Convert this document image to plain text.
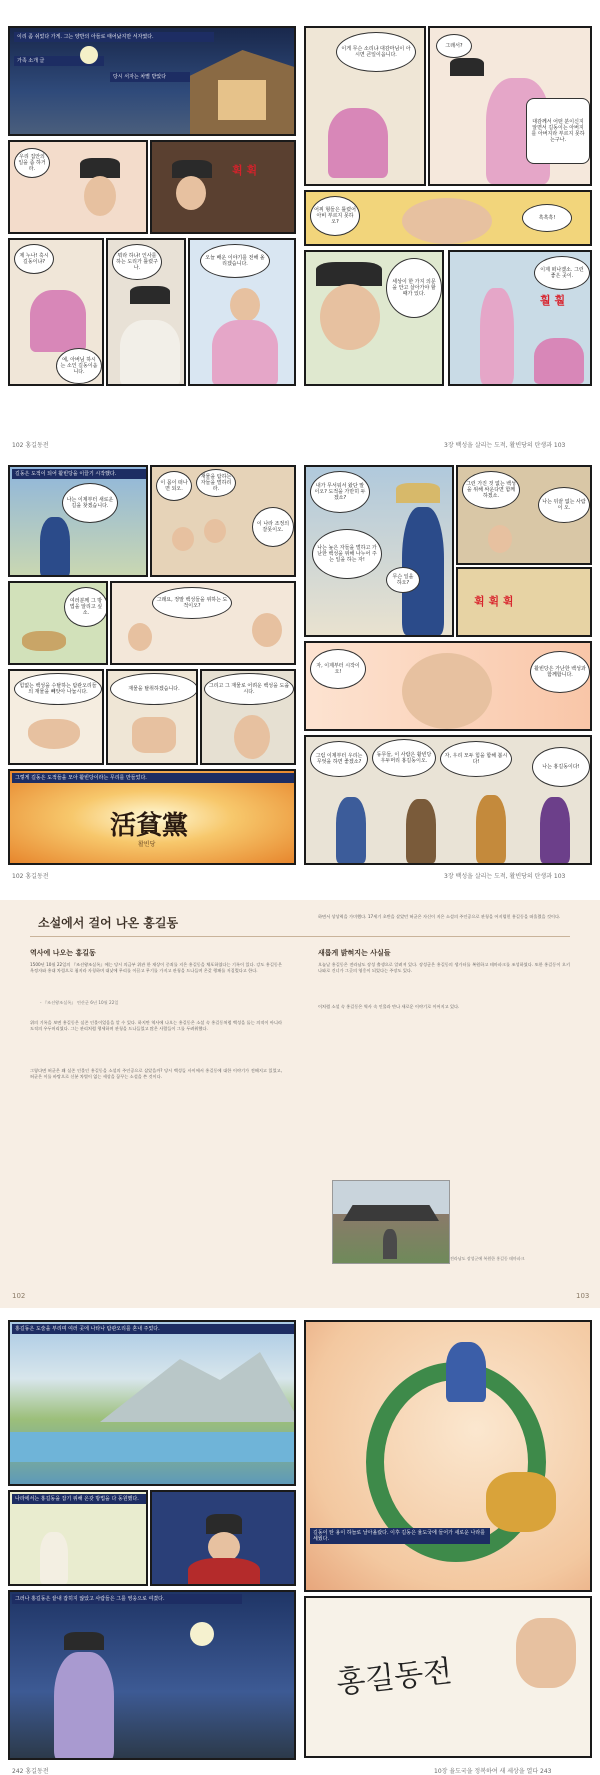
이리 좀 쉬었다 가게. 그는 양반의 아들로 태어났지만 서자였다.
가족 소개 글
당시 서자는 차별 받았다
우리 집안의 일을 좀 하거라.	휙 휙
제 누나! 혹시 길동이냐?
예, 아버님 하시는 소인 길동이옵니다.
뭐라 하냐! 인사를 하는 도리가 틀렸구나.
오늘 배운 이야기를 전해 올리겠습니다.
102 홍길동전
이게 무슨 소리냐 대감마님이 아시면 큰일이옵니다.
그래서?
대감께서 어떤 분이신지 알면서 길동이는 아버지를 아버지라 부르지 못하는구나.
어찌 형들은 틀렸어 아비 부르지 못하오?
흑흑흑!
세상이 한 가지 의문을 안고 살아가야 할 때가 있다.
이제 떠나겠소. 그런 좋은 곳이.
훨 훨
3장 백성을 살리는 도적, 활빈당의 탄생과 103
길동은 도적이 되어 활빈당을 이끌기 시작했다.
나는 이제부터 새로운 길을 찾겠습니다.
이 몸이 떠나면 되오.
재물을 탐하는 자들을 벌하리라.
이 나라 조정의 잘못이오.
여러분께 그 방법을 알리고 싶소.
그래요, 정말 백성들을 위하는 도적이오?
힘없는 백성을 수탈하는 탐관오리들의 재물을 빼앗아 나눕시다.	재물을 탈취하겠습니다.	그리고 그 재물로 어려운 백성을 도웁시다.
그렇게 길동은 도적들을 모아 활빈당이라는 무리를 만들었다.
活貧黨
활빈당
102 홍길동전
내가 무서워서 왔단 말이오? 도적을 가만히 두겠소?
나는 높은 자들을 벌하고 가난한 백성을 위해 나누어 주는 일을 하는 자!
무슨 일을 하오?
그런 가진 것 없는 백성을 위해 싸운다면 함께하겠소.
나는 뒤끝 없는 사람이 오.
휙 휙 휙
자, 이제부터 시작이오!	활빈당은 가난한 백성과 함께합니다.
그럼 이제부터 우리는 무엇을 하면 좋겠소?
동무들, 이 사람은 활빈당 우두머리 홍길동이오.
자, 우리 모두 힘을 합해 봅시다!
나는 홍길동이다!
3장 백성을 살리는 도적, 활빈당의 탄생과 103
소설에서 걸어 나온 홍길동
역사에 나오는 홍길동
1500년 10월 22일의 『조선왕조실록』에는 당시 의금부 위관 한 재상이 중죄를 지은 홍길동을 체포하였다는 기록이 있다. 강도 홍길동은 옥정자와 홍대 차림으로 첨지라 자칭하며 대낮에 무리를 이끌고 무기를 가지고 관청을 드나들며 온갖 행패를 저질렀다고 한다.
- 『조선왕조실록』 연산군 6년 10월 22일
위의 기록을 보면 홍길동은 실존 인물이었음을 알 수 있다. 하지만 역사에 나오는 홍길동은 소설 속 홍길동처럼 백성을 돕는 의적이 아니라 도적의 우두머리였다. 그는 관리처럼 행세하며 관청을 드나들었고 많은 사람들이 그를 두려워했다.
그렇다면 허균은 왜 실존 인물인 홍길동을 소설의 주인공으로 삼았을까? 당시 백성들 사이에서 홍길동에 대한 이야기가 전해지고 있었고, 허균은 이를 바탕으로 신분 차별이 없는 세상을 꿈꾸는 소설을 쓴 것이다.
하면서 상상력을 가미했다. 17세기 초반을 살았던 허균은 자신이 지은 소설의 주인공으로 관청을 어지럽힌 홍길동을 떠올렸을 것이다.
새롭게 밝혀지는 사실들
오늘날 홍길동은 전라남도 장성 출생으로 알려져 있다. 장성군은 홍길동의 생가터를 복원하고 테마파크를 조성하였다. 또한 홍길동이 오키나와로 건너가 그곳의 영웅이 되었다는 주장도 있다.
이처럼 소설 속 홍길동은 역사 속 인물과 만나 새로운 이야기로 이어지고 있다.
전라남도 장성군에 복원한 홍길동 테마파크
102	103
홍길동은 도술을 부리며 여러 곳에 나타나 탐관오리를 혼내 주었다.
나라에서는 홍길동을 잡기 위해 온갖 방법을 다 동원했다.
그러나 홍길동은 끝내 잡히지 않았고 사람들은 그를 영웅으로 여겼다.
242 홍길동전
길동이 탄 용이 하늘로 날아올랐다. 이후 길동은 율도국에 들어가 새로운 나라를 세웠다.
홍길동전
10장 율도국을 정복하여 새 세상을 열다 243
